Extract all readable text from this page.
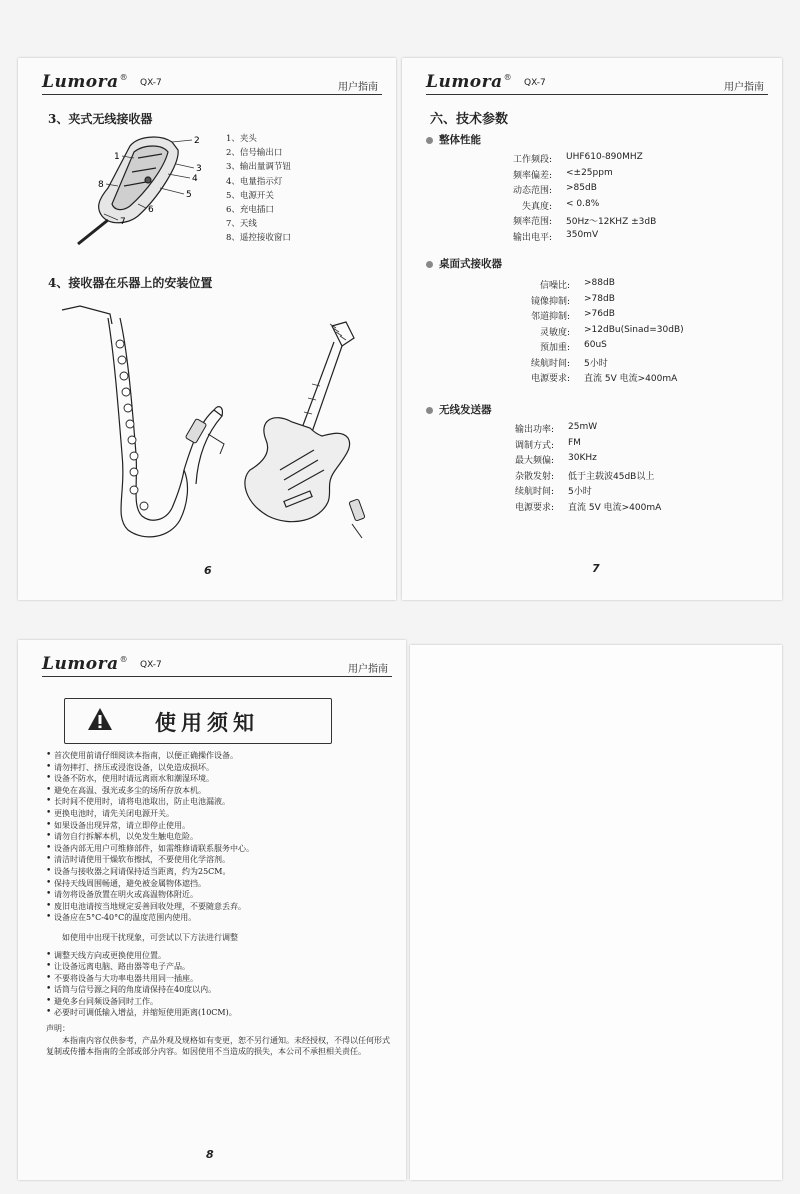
Lumora®
QX-7	用户指南
3、夹式无线接收器
2
3
4
5
6
7
1
8
1、夹头
2、信号输出口
3、输出量调节钮
4、电量指示灯
5、电源开关
6、充电插口
7、天线
8、遥控接收窗口
4、接收器在乐器上的安装位置
6
Lumora®
QX-7	用户指南
六、技术参数
整体性能
工作频段: UHF610-890MHZ
频率偏差: <±25ppm
动态范围: >85dB
失真度: < 0.8%
频率范围: 50Hz～12KHZ ±3dB
输出电平: 350mV
桌面式接收器
信噪比: >88dB
镜像抑制: >78dB
邻道抑制: >76dB
灵敏度: >12dBu(Sinad=30dB)
预加重: 60uS
续航时间: 5小时
电源要求: 直流 5V 电流>400mA
无线发送器
输出功率: 25mW
调制方式: FM
最大频偏: 30KHz
杂散发射: 低于主载波45dB以上
续航时间: 5小时
电源要求: 直流 5V 电流>400mA
7
Lumora®
QX-7	用户指南
使用须知
• 首次使用前请仔细阅读本指南，以便正确操作设备。
• 请勿摔打、挤压或浸泡设备，以免造成损坏。
• 设备不防水，使用时请远离雨水和潮湿环境。
• 避免在高温、强光或多尘的场所存放本机。
• 长时间不使用时，请将电池取出，防止电池漏液。
• 更换电池时，请先关闭电源开关。
• 如果设备出现异常，请立即停止使用。
• 请勿自行拆解本机，以免发生触电危险。
• 设备内部无用户可维修部件，如需维修请联系服务中心。
• 清洁时请使用干燥软布擦拭，不要使用化学溶剂。
• 设备与接收器之间请保持适当距离，约为25CM。
• 保持天线周围畅通，避免被金属物体遮挡。
• 请勿将设备放置在明火或高温物体附近。
• 废旧电池请按当地规定妥善回收处理，不要随意丢弃。
• 设备应在5°C-40°C的温度范围内使用。
如使用中出现干扰现象，可尝试以下方法进行调整
• 调整天线方向或更换使用位置。
• 让设备远离电脑、路由器等电子产品。
• 不要将设备与大功率电器共用同一插座。
• 话筒与信号源之间的角度请保持在40度以内。
• 避免多台同频设备同时工作。
• 必要时可调低输入增益，并缩短使用距离(10CM)。
声明：
本指南内容仅供参考，产品外观及规格如有变更，恕不另行通知。未经授权，不得以任何形式复制或传播本指南的全部或部分内容。如因使用不当造成的损失，本公司不承担相关责任。
8
